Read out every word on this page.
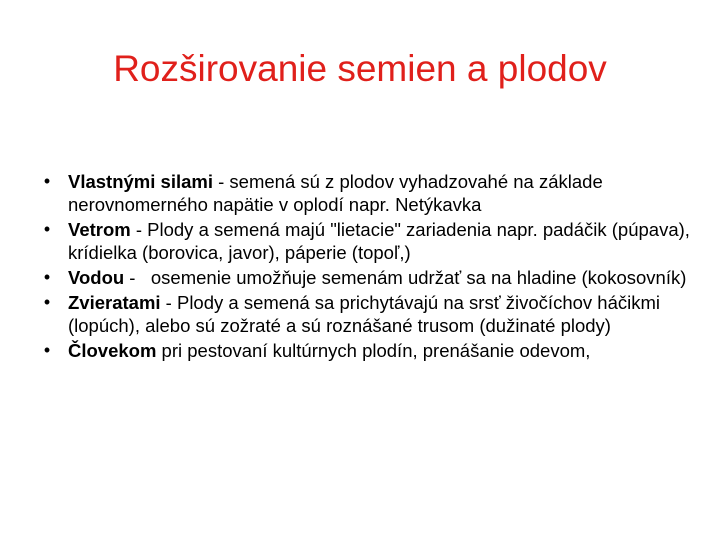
Rozširovanie semien a plodov
• Vlastnými silami - semená sú z plodov vyhadzovahé na základe nerovnomerného napätie v oplodí napr. Netýkavka
• Vetrom - Plody a semená majú "lietacie" zariadenia napr. padáčik (púpava), krídielka (borovica, javor), páperie (topoľ,)
• Vodou -   osemenie umožňuje semenám udržať sa na hladine (kokosovník)
• Zvieratami - Plody a semená sa prichytávajú na srsť živočíchov háčikmi (lopúch), alebo sú zožraté a sú roznášané trusom (dužinaté plody)
• Človekom pri pestovaní kultúrnych plodín, prenášanie odevom,
